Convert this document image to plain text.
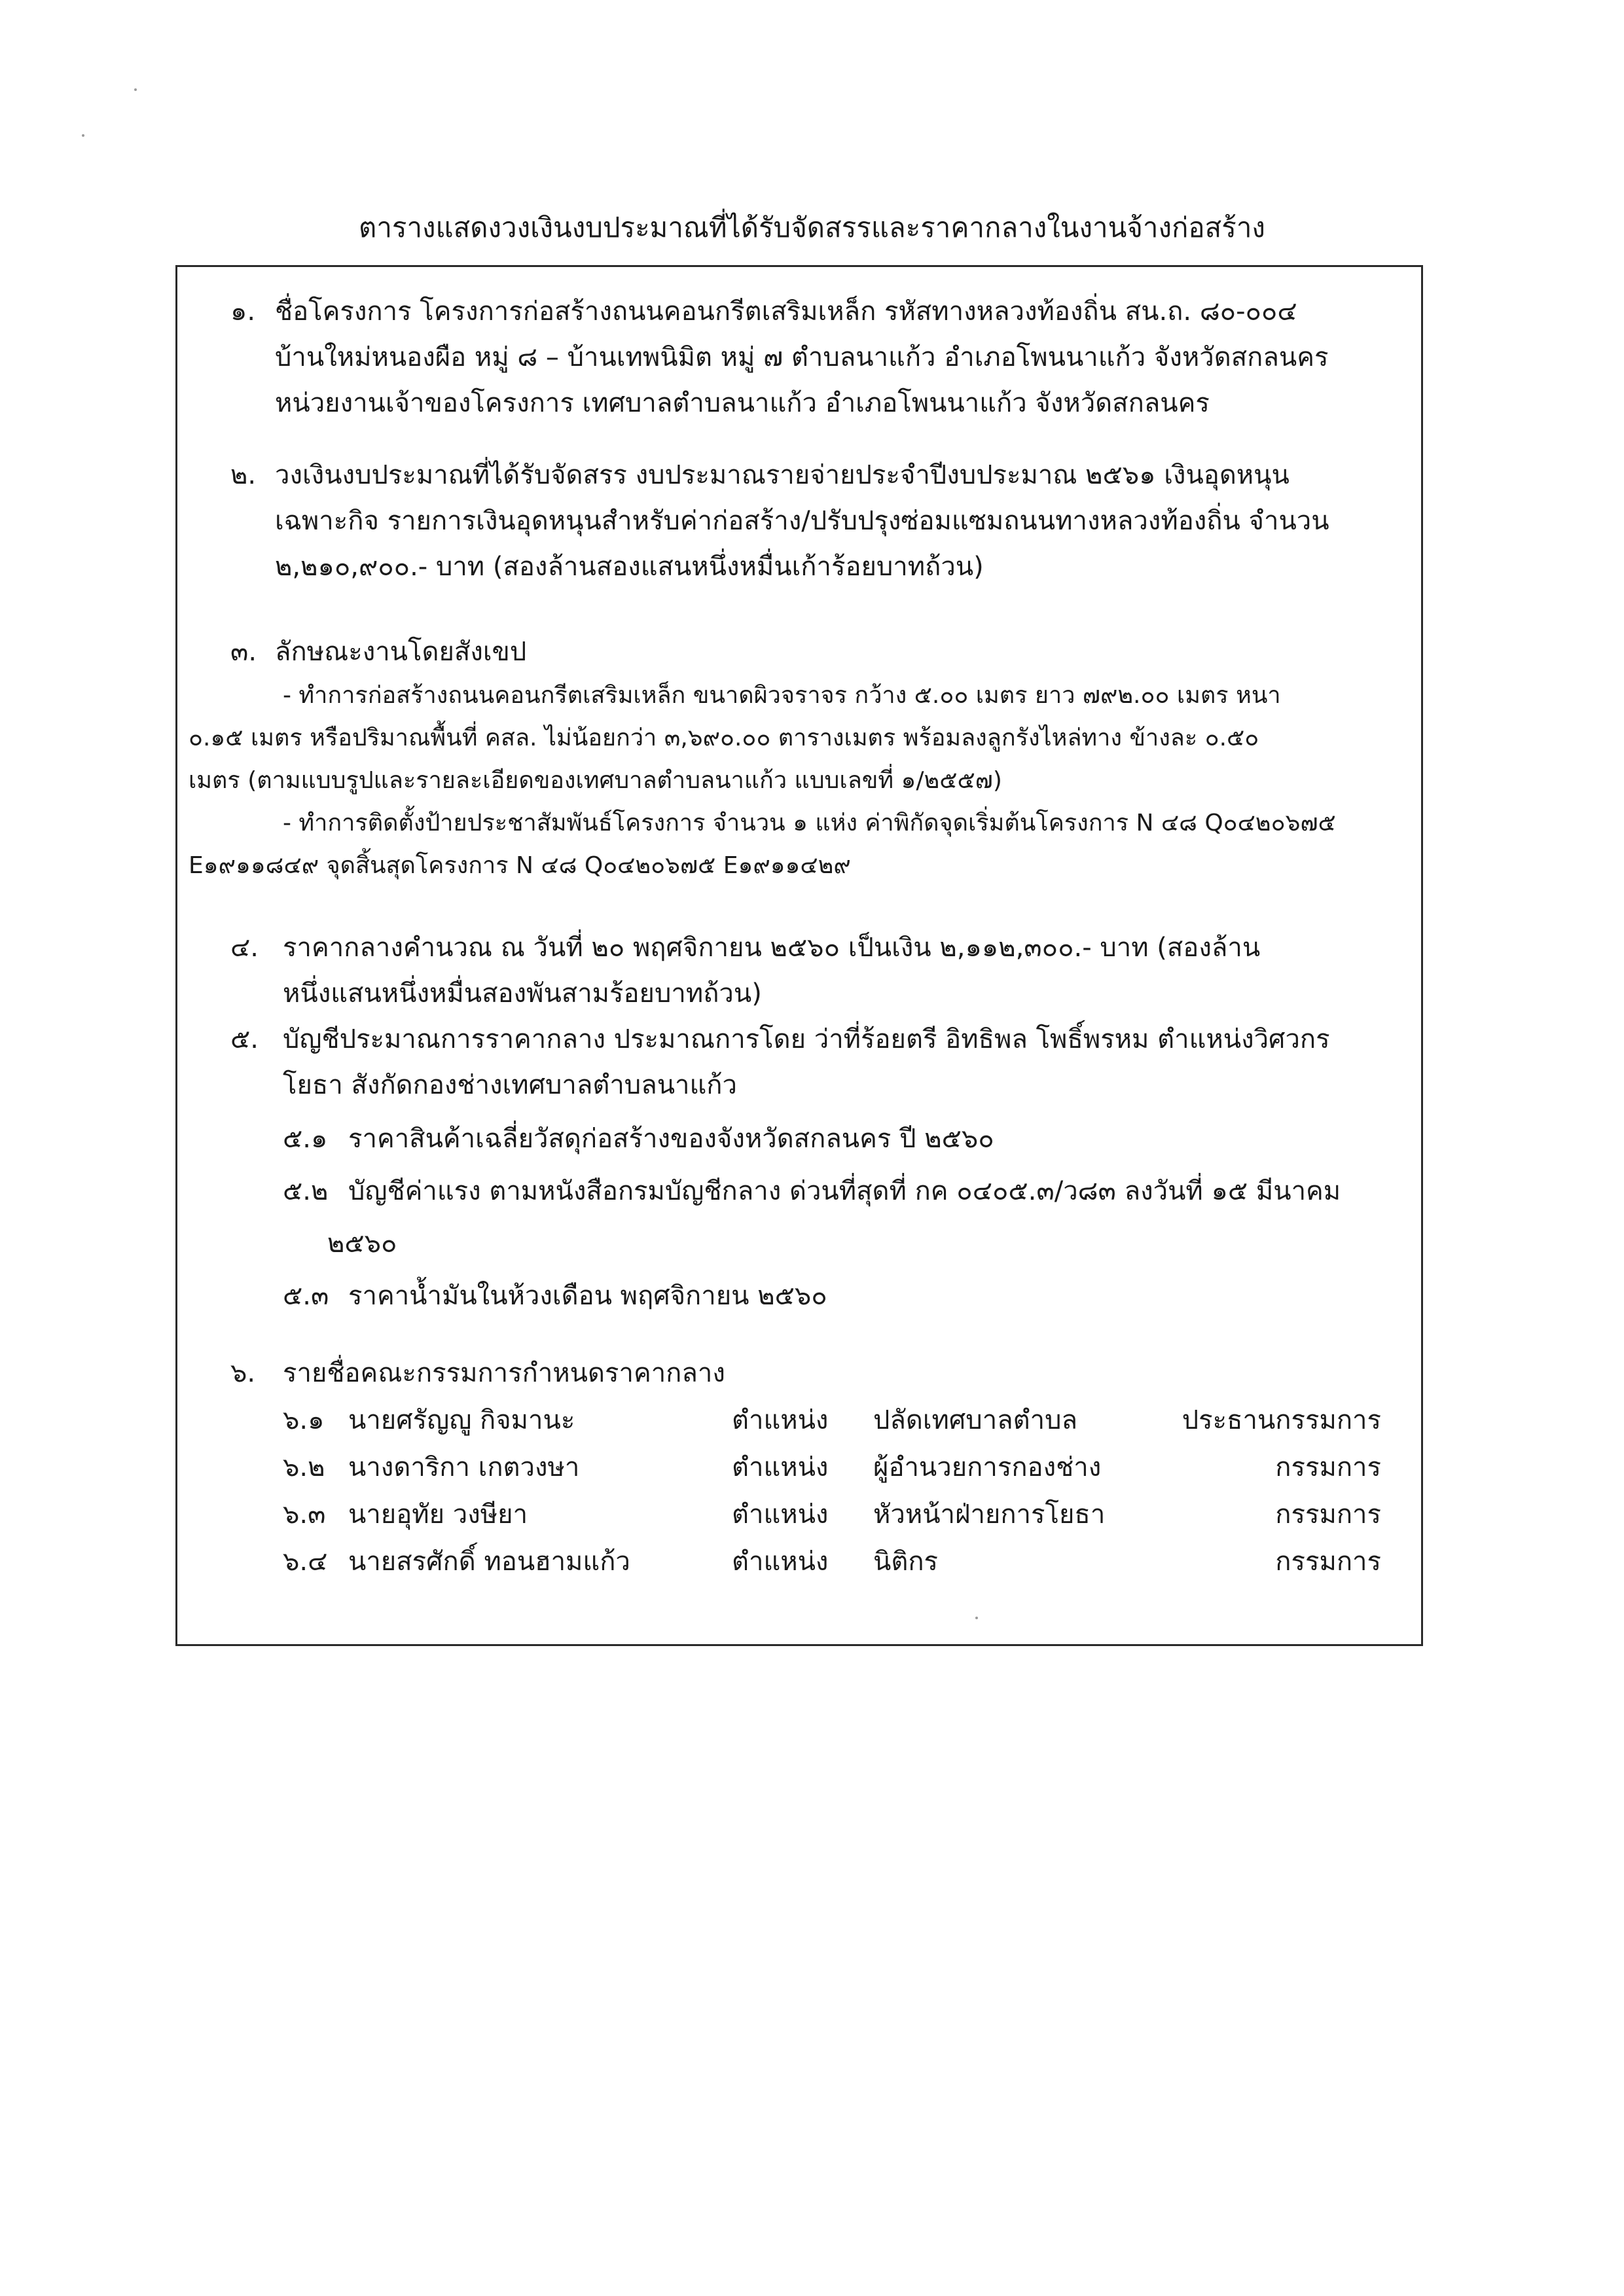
ตารางแสดงวงเงินงบประมาณที่ได้รับจัดสรรและราคากลางในงานจ้างก่อสร้าง
๑. ชื่อโครงการ โครงการก่อสร้างถนนคอนกรีตเสริมเหล็ก รหัสทางหลวงท้องถิ่น สน.ถ. ๘๐-๐๐๔
บ้านใหม่หนองผือ หมู่ ๘ – บ้านเทพนิมิต หมู่ ๗ ตำบลนาแก้ว อำเภอโพนนาแก้ว จังหวัดสกลนคร
หน่วยงานเจ้าของโครงการ เทศบาลตำบลนาแก้ว อำเภอโพนนาแก้ว จังหวัดสกลนคร
๒. วงเงินงบประมาณที่ได้รับจัดสรร งบประมาณรายจ่ายประจำปีงบประมาณ ๒๕๖๑ เงินอุดหนุน
เฉพาะกิจ รายการเงินอุดหนุนสำหรับค่าก่อสร้าง/ปรับปรุงซ่อมแซมถนนทางหลวงท้องถิ่น จำนวน
๒,๒๑๐,๙๐๐.- บาท (สองล้านสองแสนหนึ่งหมื่นเก้าร้อยบาทถ้วน)
๓. ลักษณะงานโดยสังเขป
- ทำการก่อสร้างถนนคอนกรีตเสริมเหล็ก ขนาดผิวจราจร กว้าง ๕.๐๐ เมตร ยาว ๗๙๒.๐๐ เมตร หนา
๐.๑๕ เมตร หรือปริมาณพื้นที่ คสล. ไม่น้อยกว่า ๓,๖๙๐.๐๐ ตารางเมตร พร้อมลงลูกรังไหล่ทาง ข้างละ ๐.๕๐
เมตร (ตามแบบรูปและรายละเอียดของเทศบาลตำบลนาแก้ว แบบเลขที่ ๑/๒๕๕๗)
- ทำการติดตั้งป้ายประชาสัมพันธ์โครงการ จำนวน ๑ แห่ง ค่าพิกัดจุดเริ่มต้นโครงการ N ๔๘ Q๐๔๒๐๖๗๕
E๑๙๑๑๘๔๙ จุดสิ้นสุดโครงการ N ๔๘ Q๐๔๒๐๖๗๕ E๑๙๑๑๔๒๙
๔. ราคากลางคำนวณ ณ วันที่ ๒๐ พฤศจิกายน ๒๕๖๐ เป็นเงิน ๒,๑๑๒,๓๐๐.- บาท (สองล้าน
หนึ่งแสนหนึ่งหมื่นสองพันสามร้อยบาทถ้วน)
๕. บัญชีประมาณการราคากลาง ประมาณการโดย ว่าที่ร้อยตรี อิทธิพล โพธิ์พรหม ตำแหน่งวิศวกร
โยธา สังกัดกองช่างเทศบาลตำบลนาแก้ว
๕.๑ ราคาสินค้าเฉลี่ยวัสดุก่อสร้างของจังหวัดสกลนคร ปี ๒๕๖๐
๕.๒ บัญชีค่าแรง ตามหนังสือกรมบัญชีกลาง ด่วนที่สุดที่ กค ๐๔๐๕.๓/ว๘๓ ลงวันที่ ๑๕ มีนาคม
๒๕๖๐
๕.๓ ราคาน้ำมันในห้วงเดือน พฤศจิกายน ๒๕๖๐
๖. รายชื่อคณะกรรมการกำหนดราคากลาง
๖.๑ นายศรัญญู กิจมานะ	ตำแหน่ง ปลัดเทศบาลตำบล	ประธานกรรมการ
๖.๒ นางดาริกา เกตวงษา	ตำแหน่ง ผู้อำนวยการกองช่าง	กรรมการ
๖.๓ นายอุทัย วงษียา	ตำแหน่ง หัวหน้าฝ่ายการโยธา	กรรมการ
๖.๔ นายสรศักดิ์ ทอนฮามแก้ว	ตำแหน่ง นิติกร	กรรมการ
